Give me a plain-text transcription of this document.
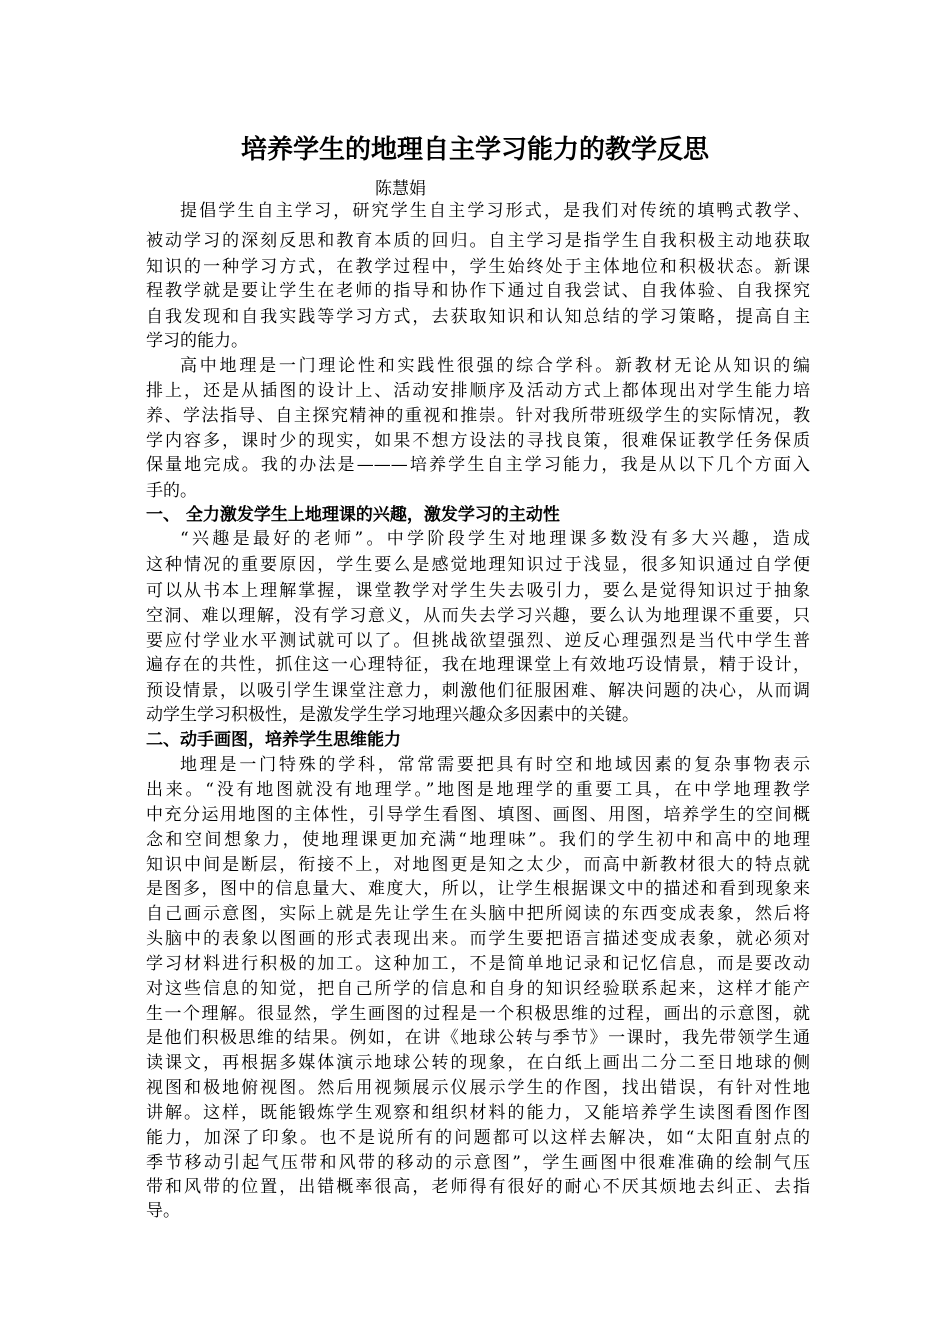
培养学生的地理自主学习能力的教学反思
陈慧娟
提倡学生自主学习，研究学生自主学习形式，是我们对传统的填鸭式教学、
被动学习的深刻反思和教育本质的回归。自主学习是指学生自我积极主动地获取
知识的一种学习方式，在教学过程中，学生始终处于主体地位和积极状态。新课
程教学就是要让学生在老师的指导和协作下通过自我尝试、自我体验、自我探究
自我发现和自我实践等学习方式，去获取知识和认知总结的学习策略，提高自主
学习的能力。
高中地理是一门理论性和实践性很强的综合学科。新教材无论从知识的编
排上，还是从插图的设计上、活动安排顺序及活动方式上都体现出对学生能力培
养、学法指导、自主探究精神的重视和推崇。针对我所带班级学生的实际情况，教
学内容多，课时少的现实，如果不想方设法的寻找良策，很难保证教学任务保质
保量地完成。我的办法是———培养学生自主学习能力，我是从以下几个方面入
手的。
一、 全力激发学生上地理课的兴趣，激发学习的主动性
“兴趣是最好的老师”。中学阶段学生对地理课多数没有多大兴趣，造成
这种情况的重要原因，学生要么是感觉地理知识过于浅显，很多知识通过自学便
可以从书本上理解掌握，课堂教学对学生失去吸引力，要么是觉得知识过于抽象
空洞、难以理解，没有学习意义，从而失去学习兴趣，要么认为地理课不重要，只
要应付学业水平测试就可以了。但挑战欲望强烈、逆反心理强烈是当代中学生普
遍存在的共性，抓住这一心理特征，我在地理课堂上有效地巧设情景，精于设计，
预设情景，以吸引学生课堂注意力，刺激他们征服困难、解决问题的决心，从而调
动学生学习积极性，是激发学生学习地理兴趣众多因素中的关键。
二、动手画图，培养学生思维能力
地理是一门特殊的学科，常常需要把具有时空和地域因素的复杂事物表示
出来。“没有地图就没有地理学。”地图是地理学的重要工具，在中学地理教学
中充分运用地图的主体性，引导学生看图、填图、画图、用图，培养学生的空间概
念和空间想象力，使地理课更加充满“地理味”。我们的学生初中和高中的地理
知识中间是断层，衔接不上，对地图更是知之太少，而高中新教材很大的特点就
是图多，图中的信息量大、难度大，所以，让学生根据课文中的描述和看到现象来
自己画示意图，实际上就是先让学生在头脑中把所阅读的东西变成表象，然后将
头脑中的表象以图画的形式表现出来。而学生要把语言描述变成表象，就必须对
学习材料进行积极的加工。这种加工，不是简单地记录和记忆信息，而是要改动
对这些信息的知觉，把自己所学的信息和自身的知识经验联系起来，这样才能产
生一个理解。很显然，学生画图的过程是一个积极思维的过程，画出的示意图，就
是他们积极思维的结果。例如，在讲《地球公转与季节》一课时，我先带领学生通
读课文，再根据多媒体演示地球公转的现象，在白纸上画出二分二至日地球的侧
视图和极地俯视图。然后用视频展示仪展示学生的作图，找出错误，有针对性地
讲解。这样，既能锻炼学生观察和组织材料的能力，又能培养学生读图看图作图
能力，加深了印象。也不是说所有的问题都可以这样去解决，如“太阳直射点的
季节移动引起气压带和风带的移动的示意图”，学生画图中很难准确的绘制气压
带和风带的位置，出错概率很高，老师得有很好的耐心不厌其烦地去纠正、去指
导。
